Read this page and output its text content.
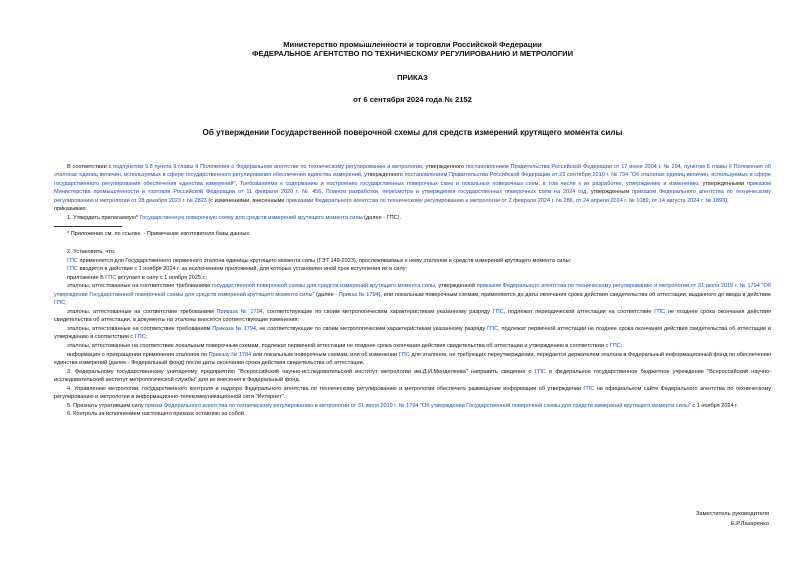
Министерство промышленности и торговли Российской Федерации
ФЕДЕРАЛЬНОЕ АГЕНТСТВО ПО ТЕХНИЧЕСКОМУ РЕГУЛИРОВАНИЮ И МЕТРОЛОГИИ
ПРИКАЗ
от 6 сентября 2024 года № 2152
Об утверждении Государственной поверочной схемы для средств измерений крутящего момента силы

В соответствии с подпунктом 9.8 пункта 9 главы II Положения о Федеральном агентстве по техническому регулированию и метрологии, утвержденного постановлением Правительства Российской Федерации от 17 июня 2004 г. № 294, пунктом 6 главы II Положения об эталонах единиц величин, используемых в сфере государственного регулирования обеспечения единства измерений, утвержденного постановлением Правительства Российской Федерации от 23 сентября 2010 г. № 734 "Об эталонах единиц величин, используемых в сфере государственного регулирования обеспечения единства измерений", Требованиями к содержанию и построению государственных поверочных схем и локальных поверочных схем, в том числе к их разработке, утверждению и изменению, утвержденными приказом Министерства промышленности и торговли Российской Федерации от 11 февраля 2020 г. № 456, Планом разработки, пересмотра и утверждения государственных поверочных схем на 2024 год, утвержденным приказом Федерального агентства по техническому регулированию и метрологии от 28 декабря 2023 г. № 2823 (с изменениями, внесенными приказами Федерального агентства по техническому регулированию и метрологии от 2 февраля 2024 г. № 286, от 24 апреля 2024 г. № 1089, от 14 августа 2024 г. № 1893),

приказываю:

1. Утвердить прилагаемую* Государственную поверочную схему для средств измерений крутящего момента силы (далее - ГПС).

* Приложение см. по ссылке. - Примечание изготовителя базы данных.

2. Установить, что:

ГПС применяется для Государственного первичного эталона единицы крутящего момента силы (ГЭТ 149-2023), прослеживаемых к нему эталонов и средств измерений крутящего момента силы;

ГПС вводится в действие с 1 ноября 2024 г. за исключением приложений, для которых установлен иной срок вступления их в силу;

приложение Б ГПС вступает в силу с 1 ноября 2025 г.;

эталоны, аттестованные на соответствие требованиям государственной поверочной схемы для средств измерений крутящего момента силы, утвержденной приказом Федерального агентства по техническому регулированию и метрологии от 31 июля 2019 г. № 1794 "Об утверждении Государственной поверочной схемы для средств измерений крутящего момента силы" (далее - Приказ № 1794), или локальным поверочным схемам, применяются до даты окончания срока действия свидетельства об аттестации, выданного до ввода в действие ГПС;

эталоны, аттестованные на соответствие требованиям Приказа № 1794, соответствующие по своим метрологическим характеристикам указанному разряду ГПС, подлежат периодической аттестации на соответствие ГПС не позднее срока окончания действия свидетельства об аттестации, в документы на эталоны вносятся соответствующие изменения;

эталоны, аттестованные на соответствие требованиям Приказа № 1794, не соответствующие по своим метрологическим характеристикам указанному разряду ГПС, подлежат первичной аттестации не позднее срока окончания действия свидетельства об аттестации и утверждению в соответствии с ГПС;

эталоны, аттестованные на соответствие локальным поверочным схемам, подлежат первичной аттестации не позднее срока окончания действия свидетельства об аттестации и утверждению в соответствии с ГПС;

информация о прекращении применения эталонов по Приказу № 1794 или локальным поверочным схемам, или об изменении ГПС для эталонов, не требующих переутверждения, передается держателем эталона в Федеральный информационный фонд по обеспечению единства измерений (далее - Федеральный фонд) после даты окончания срока действия свидетельства об аттестации.

3. Федеральному государственному унитарному предприятию "Всероссийский научно-исследовательский институт метрологии им.Д.И.Менделеева" направить сведения о ГПС в федеральное государственное бюджетное учреждение "Всероссийский научно-исследовательский институт метрологической службы" для их внесения в Федеральный фонд.

4. Управлению метрологии, государственного контроля и надзора Федерального агентства по техническому регулированию и метрологии обеспечить размещение информации об утверждении ГПС на официальном сайте Федерального агентства по техническому регулированию и метрологии в информационно-телекоммуникационной сети "Интернет".

5. Признать утратившим силу приказ Федерального агентства по техническому регулированию и метрологии от 31 июля 2019 г. № 1794 "Об утверждении Государственной поверочной схемы для средств измерений крутящего момента силы" с 1 ноября 2024 г.

6. Контроль за исполнением настоящего приказа оставляю за собой.

Заместитель руководителя
Е.Р.Лазаренко
